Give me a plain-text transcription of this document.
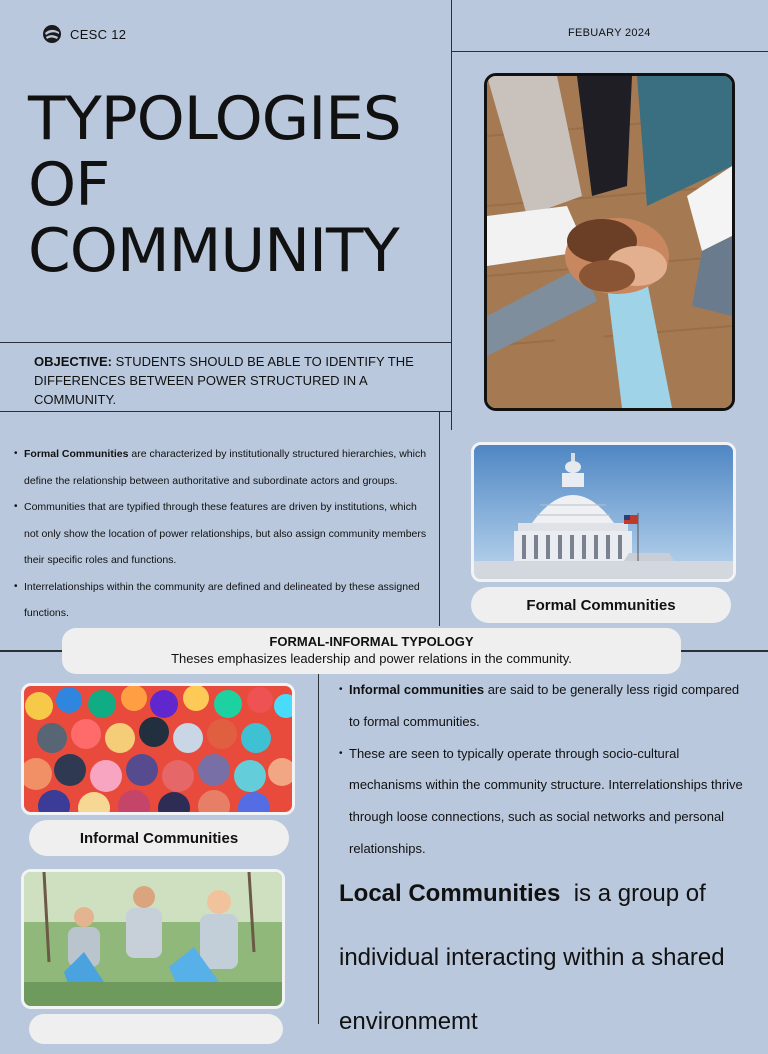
CESC 12	FEBUARY 2024
TYPOLOGIES
OF
COMMUNITY
OBJECTIVE: STUDENTS SHOULD BE ABLE TO IDENTIFY THE DIFFERENCES BETWEEN POWER STRUCTURED IN A COMMUNITY.
• Formal Communities are characterized by institutionally structured hierarchies, which define the relationship between authoritative and subordinate actors and groups.
• Communities that are typified through these features are driven by institutions, which not only show the location of power relationships, but also assign community members their specific roles and functions.
• Interrelationships within the community are defined and delineated by these assigned functions.	Formal Communities
FORMAL-INFORMAL TYPOLOGY
Theses emphasizes leadership and power relations in the community.
Informal Communities
• Informal communities are said to be generally less rigid compared to formal communities.
• These are seen to typically operate through socio-cultural mechanisms within the community structure. Interrelationships thrive through loose connections, such as social networks and personal relationships.
Local Communities  is a group of individual interacting within a shared environmemt
